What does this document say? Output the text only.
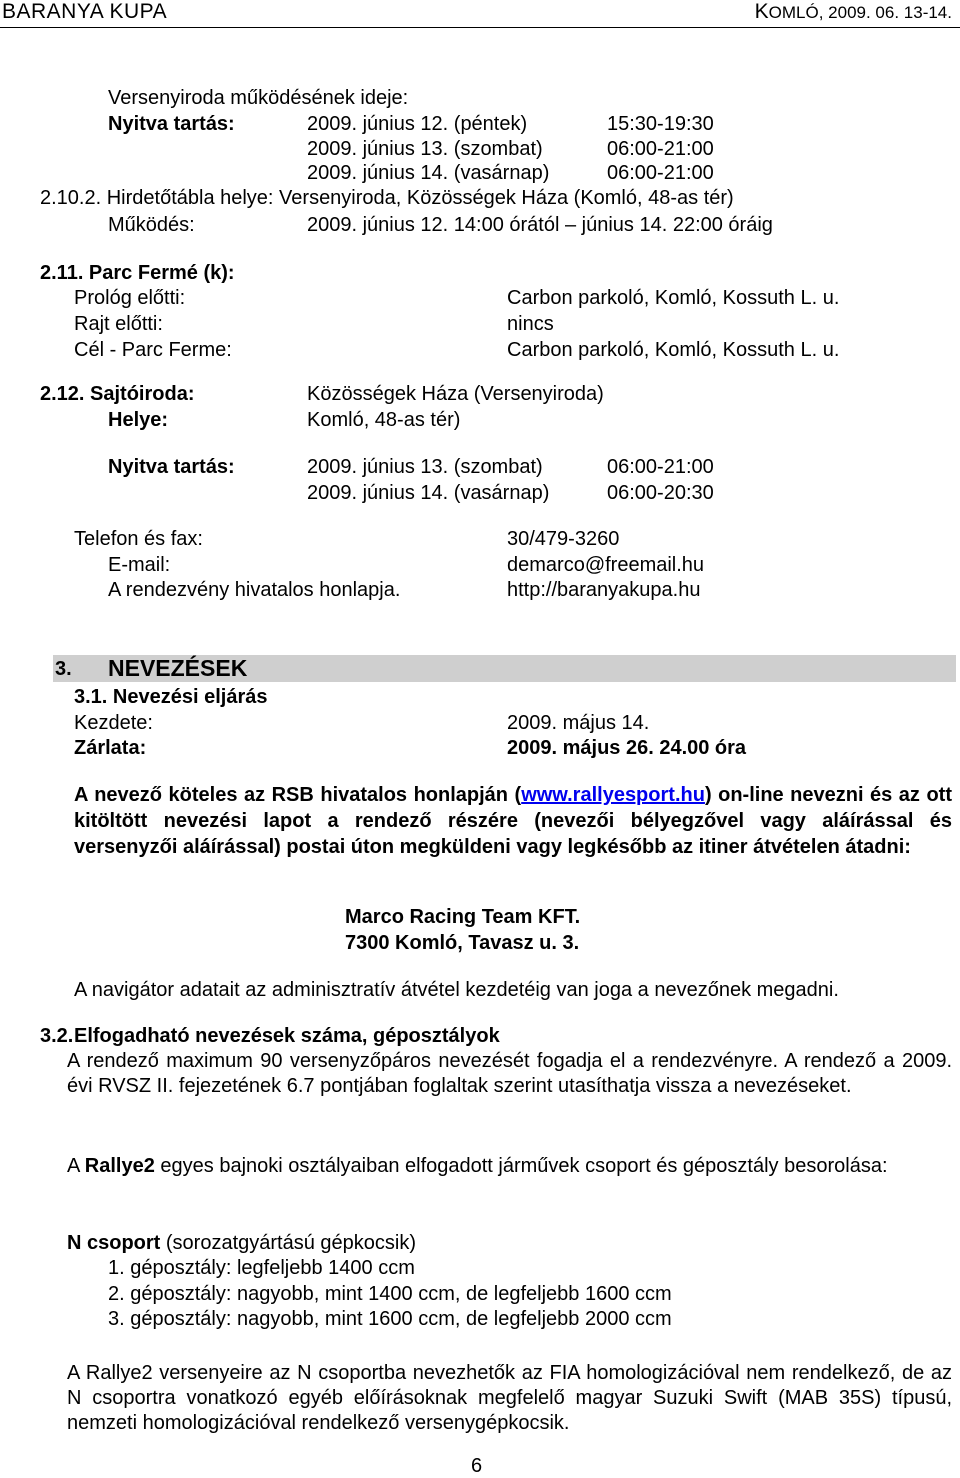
BARANYA KUPA	KOMLÓ, 2009. 06. 13-14.
Versenyiroda működésének ideje:
Nyitva tartás:	2009. június 12. (péntek)	15:30-19:30
2009. június 13. (szombat)	06:00-21:00
2009. június 14. (vasárnap)	06:00-21:00
2.10.2. Hirdetőtábla helye: Versenyiroda, Közösségek Háza (Komló, 48-as tér)
Működés:	2009. június 12. 14:00 órától – június 14. 22:00 óráig
2.11. Parc Fermé (k):
Prológ előtti:	Carbon parkoló, Komló, Kossuth L. u.
Rajt előtti:	nincs
Cél - Parc Ferme:	Carbon parkoló, Komló, Kossuth L. u.
2.12. Sajtóiroda:	Közösségek Háza (Versenyiroda)
Helye:	Komló, 48-as tér)
Nyitva tartás:	2009. június 13. (szombat)	06:00-21:00
2009. június 14. (vasárnap)	06:00-20:30
Telefon és fax:	30/479-3260
E-mail:	demarco@freemail.hu
A rendezvény hivatalos honlapja.	http://baranyakupa.hu
3. NEVEZÉSEK
3.1. Nevezési eljárás
Kezdete:	2009. május 14.
Zárlata:	2009. május 26. 24.00 óra
A nevező köteles az RSB hivatalos honlapján (www.rallyesport.hu) on-line nevezni és az ott kitöltött nevezési lapot a rendező részére (nevezői bélyegzővel vagy aláírással és versenyzői aláírással) postai úton megküldeni vagy legkésőbb az itiner átvételen átadni:
Marco Racing Team KFT.
7300 Komló, Tavasz u. 3.
A navigátor adatait az adminisztratív átvétel kezdetéig van joga a nevezőnek megadni.
3.2. Elfogadható nevezések száma, géposztályok
A rendező maximum 90 versenyzőpáros nevezését fogadja el a rendezvényre. A rendező a 2009. évi RVSZ II. fejezetének 6.7 pontjában foglaltak szerint utasíthatja vissza a nevezéseket.
A Rallye2 egyes bajnoki osztályaiban elfogadott járművek csoport és géposztály besorolása:
N csoport (sorozatgyártású gépkocsik)
1. géposztály: legfeljebb 1400 ccm
2. géposztály: nagyobb, mint 1400 ccm, de legfeljebb 1600 ccm
3. géposztály: nagyobb, mint 1600 ccm, de legfeljebb 2000 ccm
A Rallye2 versenyeire az N csoportba nevezhetők az FIA homologizációval nem rendelkező, de az N csoportra vonatkozó egyéb előírásoknak megfelelő magyar Suzuki Swift (MAB 35S) típusú, nemzeti homologizációval rendelkező versenygépkocsik.
6
